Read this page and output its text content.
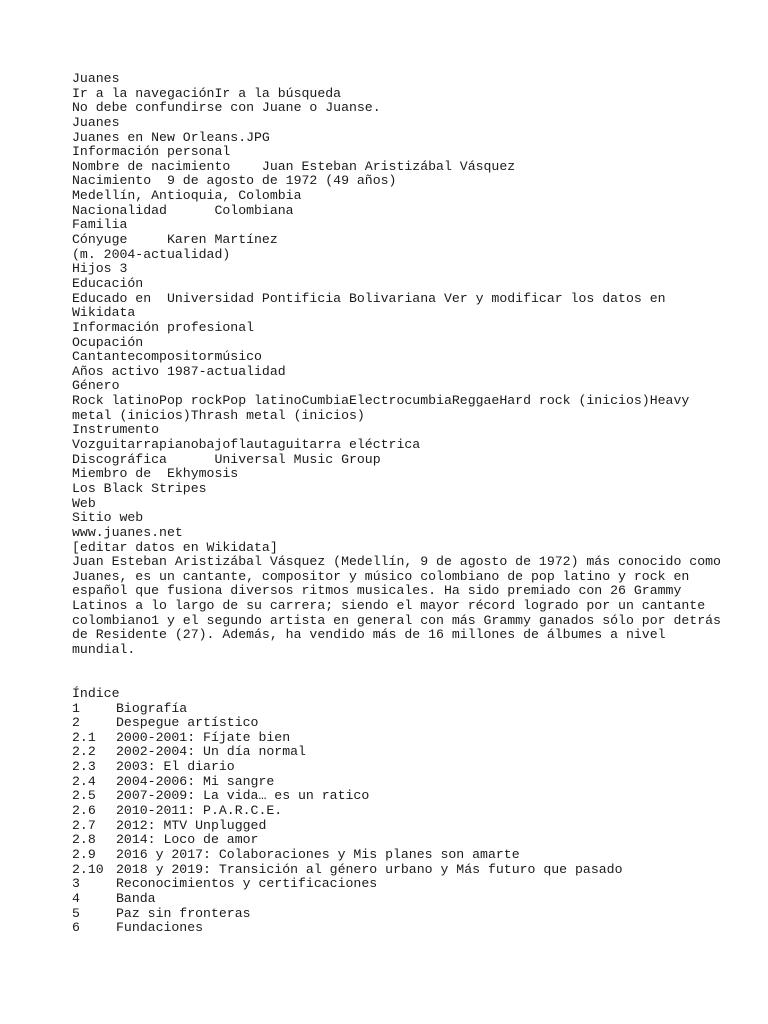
Juanes
Ir a la navegaciónIr a la búsqueda
No debe confundirse con Juane o Juanse.
Juanes
Juanes en New Orleans.JPG
Información personal
Nombre de nacimiento    Juan Esteban Aristizábal Vásquez
Nacimiento  9 de agosto de 1972 (49 años)
Medellín, Antioquia, Colombia
Nacionalidad      Colombiana
Familia
Cónyuge     Karen Martínez
(m. 2004-actualidad)
Hijos 3
Educación
Educado en  Universidad Pontificia Bolivariana Ver y modificar los datos en
Wikidata
Información profesional
Ocupación
Cantantecompositormúsico
Años activo 1987-actualidad
Género
Rock latinoPop rockPop latinoCumbiaElectrocumbiaReggaeHard rock (inicios)Heavy
metal (inicios)Thrash metal (inicios)
Instrumento
Vozguitarrapianobajoflautaguitarra eléctrica
Discográfica      Universal Music Group
Miembro de  Ekhymosis
Los Black Stripes
Web
Sitio web
www.juanes.net
[editar datos en Wikidata]
Juan Esteban Aristizábal Vásquez (Medellín, 9 de agosto de 1972) más conocido como
Juanes, es un cantante, compositor y músico colombiano de pop latino y rock en
español que fusiona diversos ritmos musicales. Ha sido premiado con 26 Grammy
Latinos a lo largo de su carrera; siendo el mayor récord logrado por un cantante
colombiano1 y el segundo artista en general con más Grammy ganados sólo por detrás
de Residente (27). Además, ha vendido más de 16 millones de álbumes a nivel
mundial.
Índice
1	Biografía
2	Despegue artístico
2.1	2000-2001: Fíjate bien
2.2	2002-2004: Un día normal
2.3	2003: El diario
2.4	2004-2006: Mi sangre
2.5	2007-2009: La vida… es un ratico
2.6	2010-2011: P.A.R.C.E.
2.7	2012: MTV Unplugged
2.8	2014: Loco de amor
2.9	2016 y 2017: Colaboraciones y Mis planes son amarte
2.10 2018 y 2019: Transición al género urbano y Más futuro que pasado
3	Reconocimientos y certificaciones
4	Banda
5	Paz sin fronteras
6	Fundaciones
